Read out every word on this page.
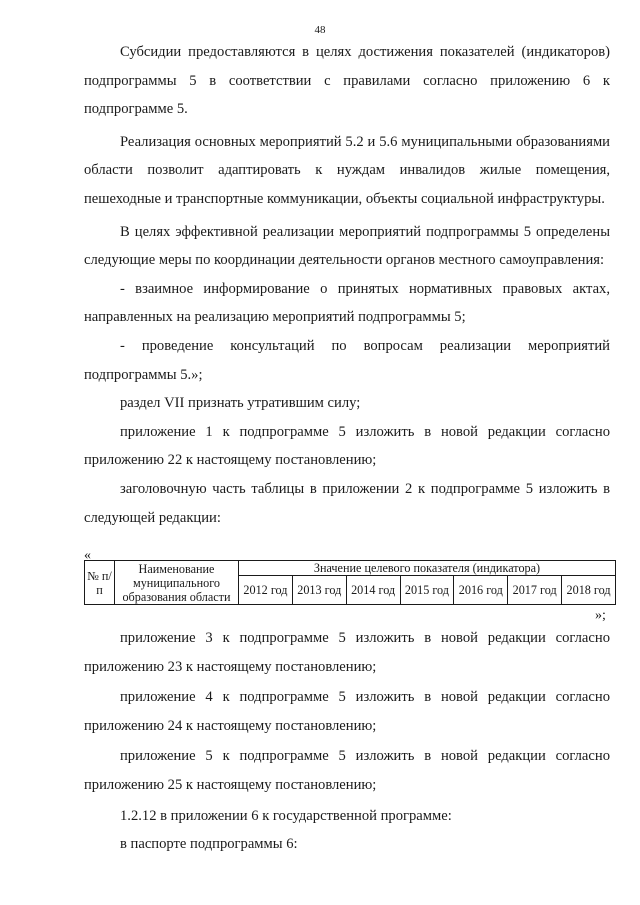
48

Субсидии предоставляются в целях достижения показателей (индикаторов) подпрограммы 5 в соответствии с правилами согласно приложению 6 к подпрограмме 5.

Реализация основных мероприятий 5.2 и 5.6 муниципальными образованиями области позволит адаптировать к нуждам инвалидов жилые помещения, пешеходные и транспортные коммуникации, объекты социальной инфраструктуры.

В целях эффективной реализации мероприятий подпрограммы 5 определены следующие меры по координации деятельности органов местного самоуправления:

- взаимное информирование о принятых нормативных правовых актах, направленных на реализацию мероприятий подпрограммы 5;

- проведение консультаций по вопросам реализации мероприятий подпрограммы 5.»;

раздел VII признать утратившим силу;

приложение 1 к подпрограмме 5 изложить в новой редакции согласно приложению 22 к настоящему постановлению;

заголовочную часть таблицы в приложении 2 к подпрограмме 5 изложить в следующей редакции:

«
№ п/п	Наименование муниципального образования области	Значение целевого показателя (индикатора)						
		2012 год	2013 год	2014 год	2015 год	2016 год	2017 год	2018 год
»;

приложение 3 к подпрограмме 5 изложить в новой редакции согласно приложению 23 к настоящему постановлению;

приложение 4 к подпрограмме 5 изложить в новой редакции согласно приложению 24 к настоящему постановлению;

приложение 5 к подпрограмме 5 изложить в новой редакции согласно приложению 25 к настоящему постановлению;

1.2.12 в приложении 6 к государственной программе:

в паспорте подпрограммы 6:
